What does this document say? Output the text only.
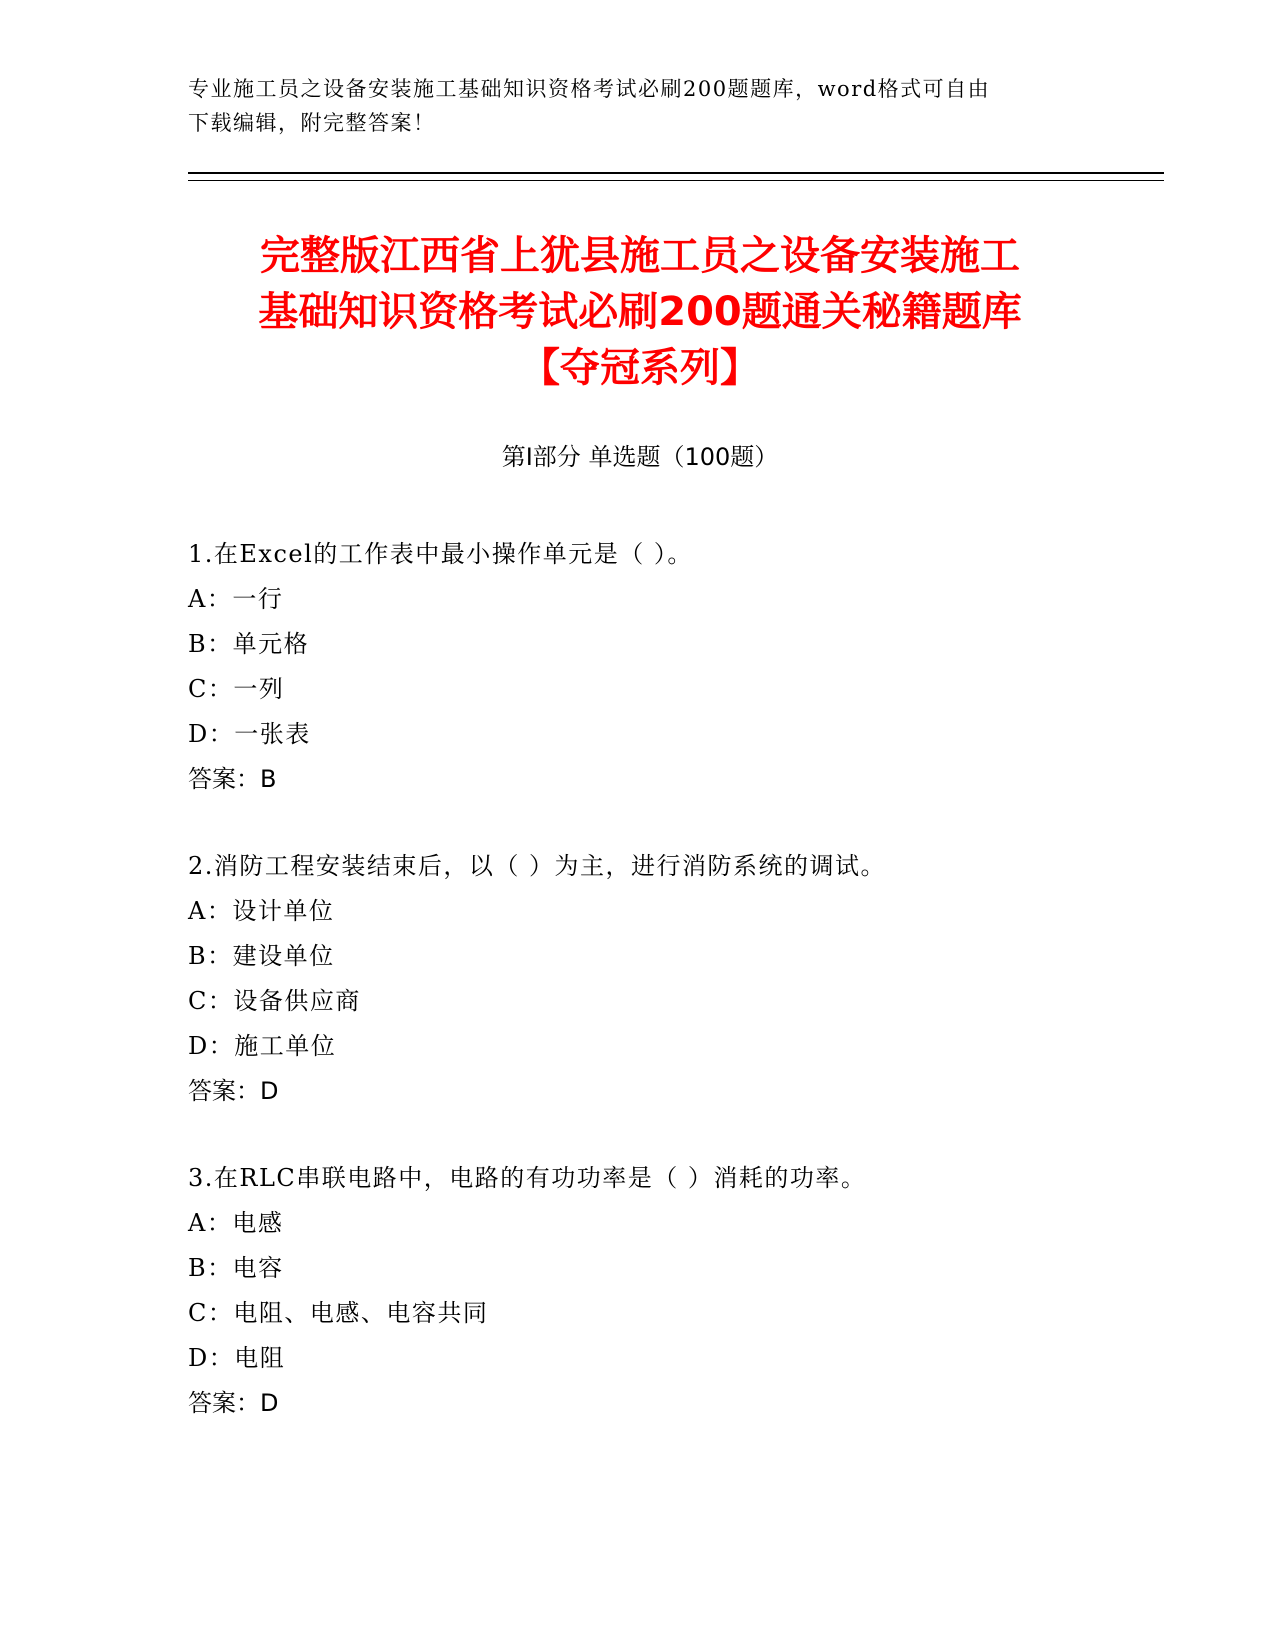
专业施工员之设备安装施工基础知识资格考试必刷200题题库，word格式可自由
下载编辑，附完整答案！
完整版江西省上犹县施工员之设备安装施工
基础知识资格考试必刷200题通关秘籍题库
【夺冠系列】
第Ⅰ部分 单选题（100题）
1.在Excel的工作表中最小操作单元是（ ）。
A：一行
B：单元格
C：一列
D：一张表
答案：B
2.消防工程安装结束后，以（ ）为主，进行消防系统的调试。
A：设计单位
B：建设单位
C：设备供应商
D：施工单位
答案：D
3.在RLC串联电路中，电路的有功功率是（ ）消耗的功率。
A：电感
B：电容
C：电阻、电感、电容共同
D：电阻
答案：D
